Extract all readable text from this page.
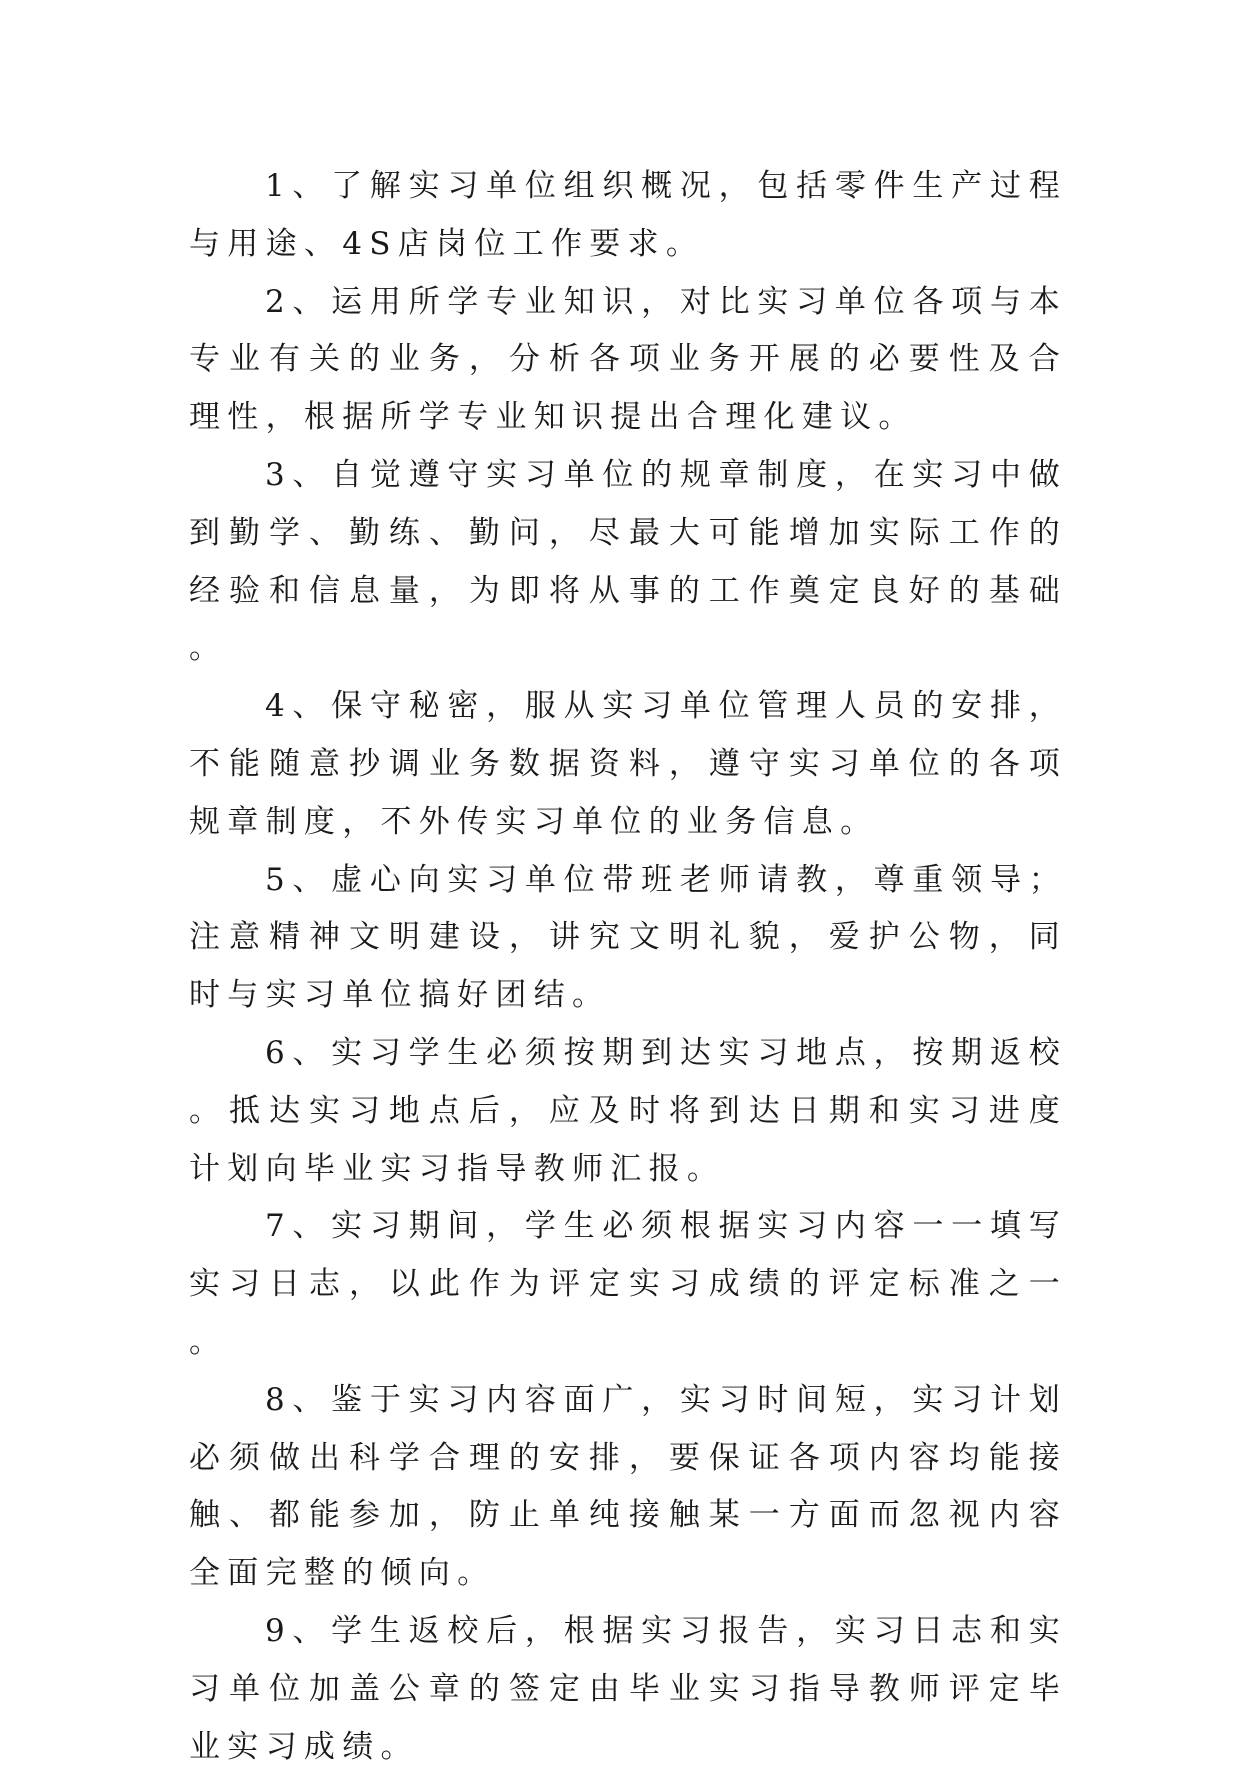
1、了解实习单位组织概况，包括零件生产过程与用途、4S店岗位工作要求。

2、运用所学专业知识，对比实习单位各项与本专业有关的业务，分析各项业务开展的必要性及合理性，根据所学专业知识提出合理化建议。

3、自觉遵守实习单位的规章制度，在实习中做到勤学、勤练、勤问，尽最大可能增加实际工作的经验和信息量，为即将从事的工作奠定良好的基础。

4、保守秘密，服从实习单位管理人员的安排，不能随意抄调业务数据资料，遵守实习单位的各项规章制度，不外传实习单位的业务信息。

5、虚心向实习单位带班老师请教，尊重领导；注意精神文明建设，讲究文明礼貌，爱护公物，同时与实习单位搞好团结。

6、实习学生必须按期到达实习地点，按期返校。抵达实习地点后，应及时将到达日期和实习进度计划向毕业实习指导教师汇报。

7、实习期间，学生必须根据实习内容一一填写实习日志，以此作为评定实习成绩的评定标准之一。

8、鉴于实习内容面广，实习时间短，实习计划必须做出科学合理的安排，要保证各项内容均能接触、都能参加，防止单纯接触某一方面而忽视内容全面完整的倾向。

9、学生返校后，根据实习报告，实习日志和实习单位加盖公章的签定由毕业实习指导教师评定毕业实习成绩。
